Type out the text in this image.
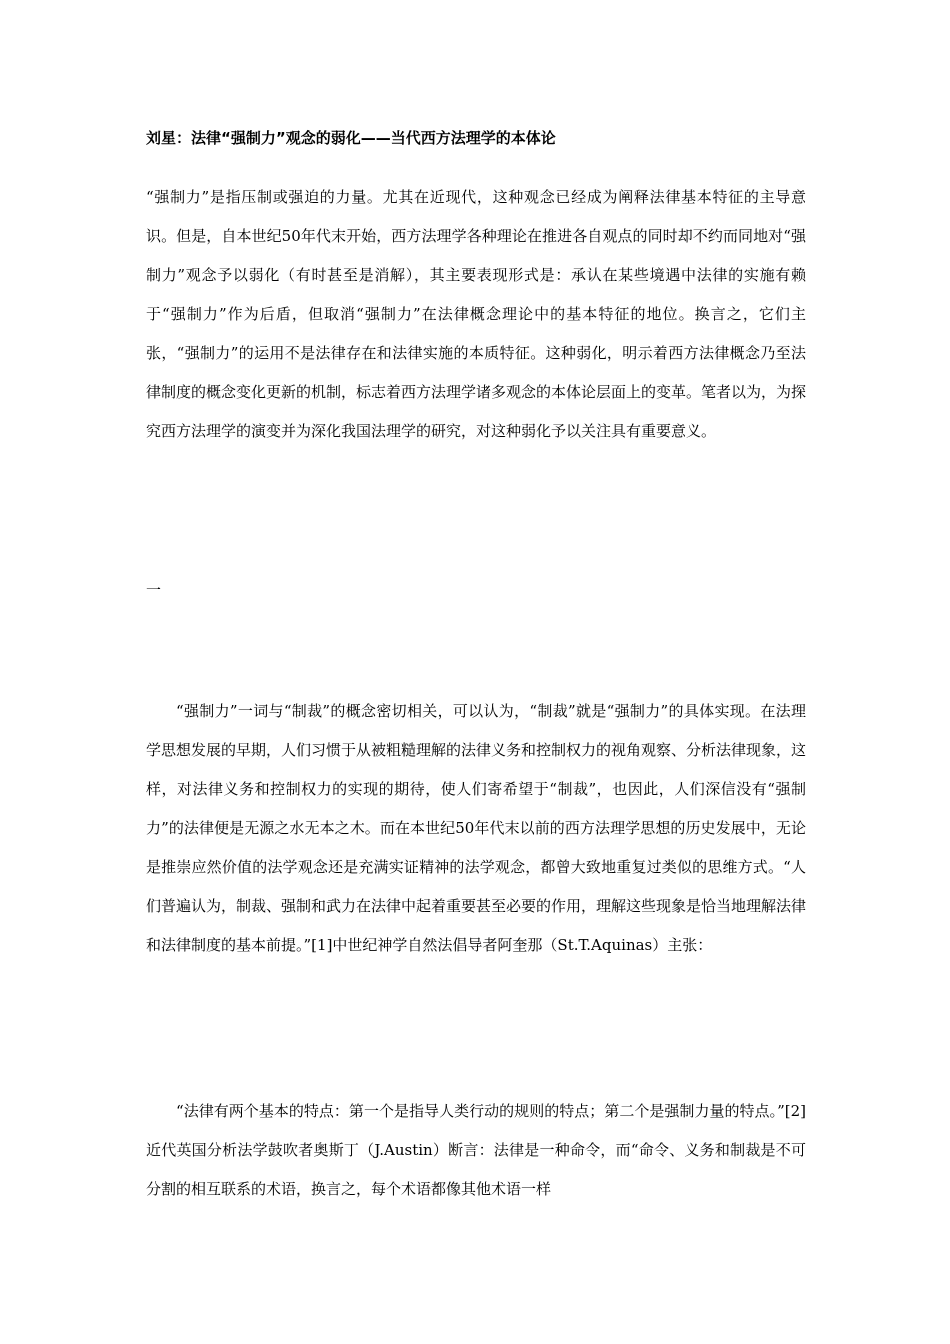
刘星：法律“强制力”观念的弱化——当代西方法理学的本体论

“强制力”是指压制或强迫的力量。尤其在近现代，这种观念已经成为阐释法律基本特征的主导意识。但是，自本世纪50年代末开始，西方法理学各种理论在推进各自观点的同时却不约而同地对“强制力”观念予以弱化（有时甚至是消解），其主要表现形式是：承认在某些境遇中法律的实施有赖于“强制力”作为后盾，但取消“强制力”在法律概念理论中的基本特征的地位。换言之，它们主张，“强制力”的运用不是法律存在和法律实施的本质特征。这种弱化，明示着西方法律概念乃至法律制度的概念变化更新的机制，标志着西方法理学诸多观念的本体论层面上的变革。笔者以为，为探究西方法理学的演变并为深化我国法理学的研究，对这种弱化予以关注具有重要意义。

一

“强制力”一词与“制裁”的概念密切相关，可以认为，“制裁”就是“强制力”的具体实现。在法理学思想发展的早期，人们习惯于从被粗糙理解的法律义务和控制权力的视角观察、分析法律现象，这样，对法律义务和控制权力的实现的期待，使人们寄希望于“制裁”，也因此，人们深信没有“强制力”的法律便是无源之水无本之木。而在本世纪50年代末以前的西方法理学思想的历史发展中，无论是推崇应然价值的法学观念还是充满实证精神的法学观念，都曾大致地重复过类似的思维方式。“人们普遍认为，制裁、强制和武力在法律中起着重要甚至必要的作用，理解这些现象是恰当地理解法律和法律制度的基本前提。”[1]中世纪神学自然法倡导者阿奎那（St.T.Aquinas）主张：

“法律有两个基本的特点：第一个是指导人类行动的规则的特点；第二个是强制力量的特点。”[2]近代英国分析法学鼓吹者奥斯丁（J.Austin）断言：法律是一种命令，而“命令、义务和制裁是不可分割的相互联系的术语，换言之，每个术语都像其他术语一样
